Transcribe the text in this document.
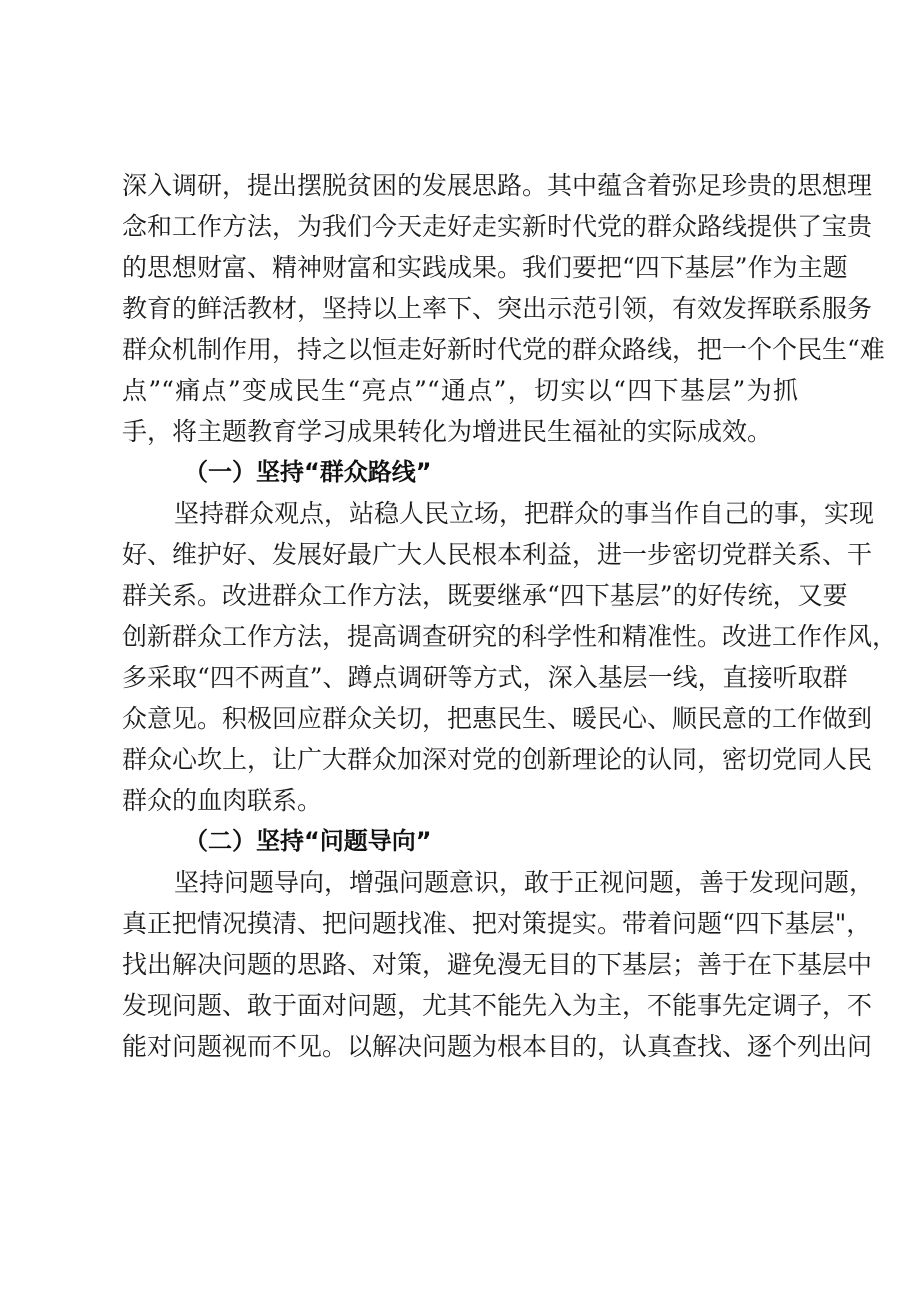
深入调研，提出摆脱贫困的发展思路。其中蕴含着弥足珍贵的思想理
念和工作方法，为我们今天走好走实新时代党的群众路线提供了宝贵
的思想财富、精神财富和实践成果。我们要把“四下基层”作为主题
教育的鲜活教材，坚持以上率下、突出示范引领，有效发挥联系服务
群众机制作用，持之以恒走好新时代党的群众路线，把一个个民生“难
点”“痛点”变成民生“亮点”“通点”，切实以“四下基层”为抓
手，将主题教育学习成果转化为增进民生福祉的实际成效。
（一）坚持“群众路线”
坚持群众观点，站稳人民立场，把群众的事当作自己的事，实现
好、维护好、发展好最广大人民根本利益，进一步密切党群关系、干
群关系。改进群众工作方法，既要继承“四下基层”的好传统，又要
创新群众工作方法，提高调查研究的科学性和精准性。改进工作作风，
多采取“四不两直”、蹲点调研等方式，深入基层一线，直接听取群
众意见。积极回应群众关切，把惠民生、暖民心、顺民意的工作做到
群众心坎上，让广大群众加深对党的创新理论的认同，密切党同人民
群众的血肉联系。
（二）坚持“问题导向”
坚持问题导向，增强问题意识，敢于正视问题，善于发现问题，
真正把情况摸清、把问题找准、把对策提实。带着问题“四下基层"，
找出解决问题的思路、对策，避免漫无目的下基层；善于在下基层中
发现问题、敢于面对问题，尤其不能先入为主，不能事先定调子，不
能对问题视而不见。以解决问题为根本目的，认真查找、逐个列出问
